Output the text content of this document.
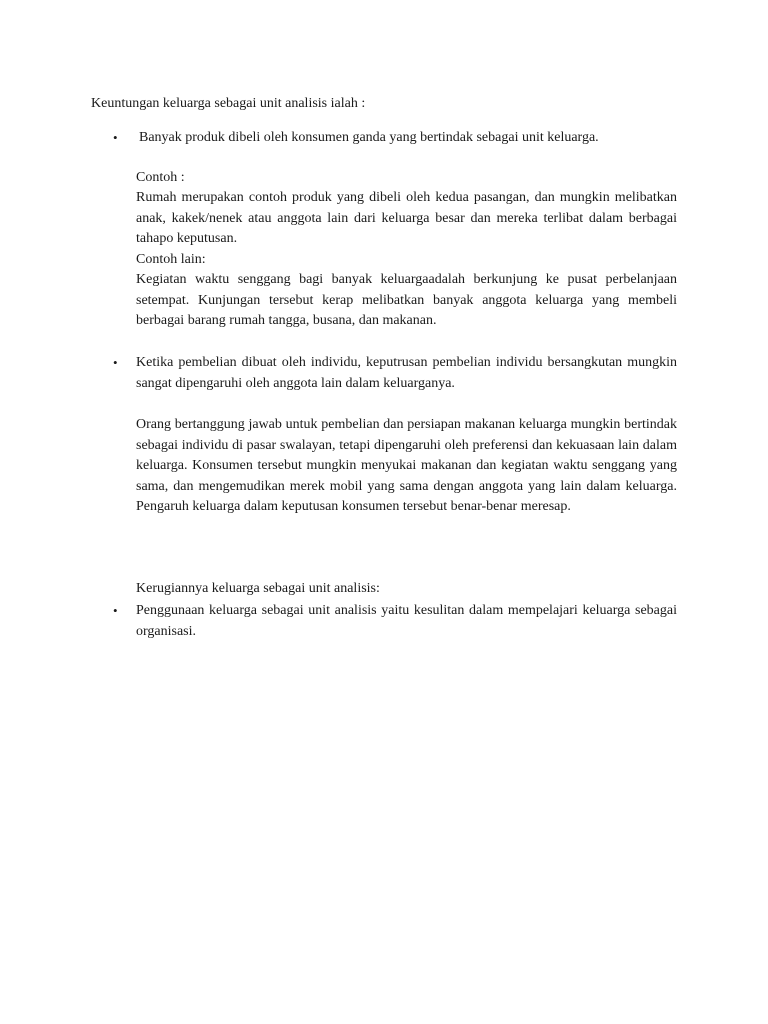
Keuntungan keluarga sebagai unit analisis ialah :

•	Banyak produk dibeli oleh konsumen ganda yang bertindak sebagai unit keluarga.

Contoh :

Rumah merupakan contoh produk yang dibeli oleh kedua pasangan, dan mungkin melibatkan anak, kakek/nenek atau anggota lain dari keluarga besar dan mereka terlibat dalam berbagai tahapo keputusan.

Contoh lain:

Kegiatan waktu senggang bagi banyak keluargaadalah berkunjung ke pusat perbelanjaan setempat. Kunjungan tersebut kerap melibatkan banyak anggota keluarga yang membeli berbagai barang rumah tangga, busana, dan makanan.

•	Ketika pembelian dibuat oleh individu, keputrusan pembelian individu bersangkutan mungkin sangat dipengaruhi oleh anggota lain dalam keluarganya.

Orang bertanggung jawab untuk pembelian dan persiapan makanan keluarga mungkin bertindak sebagai individu di pasar swalayan, tetapi dipengaruhi oleh preferensi dan kekuasaan lain dalam keluarga. Konsumen tersebut mungkin menyukai makanan dan kegiatan waktu senggang yang sama, dan mengemudikan merek mobil yang sama dengan anggota yang lain dalam keluarga. Pengaruh keluarga dalam keputusan konsumen tersebut benar-benar meresap.

Kerugiannya keluarga sebagai unit analisis:

•	Penggunaan keluarga sebagai unit analisis yaitu kesulitan dalam mempelajari keluarga sebagai organisasi.
